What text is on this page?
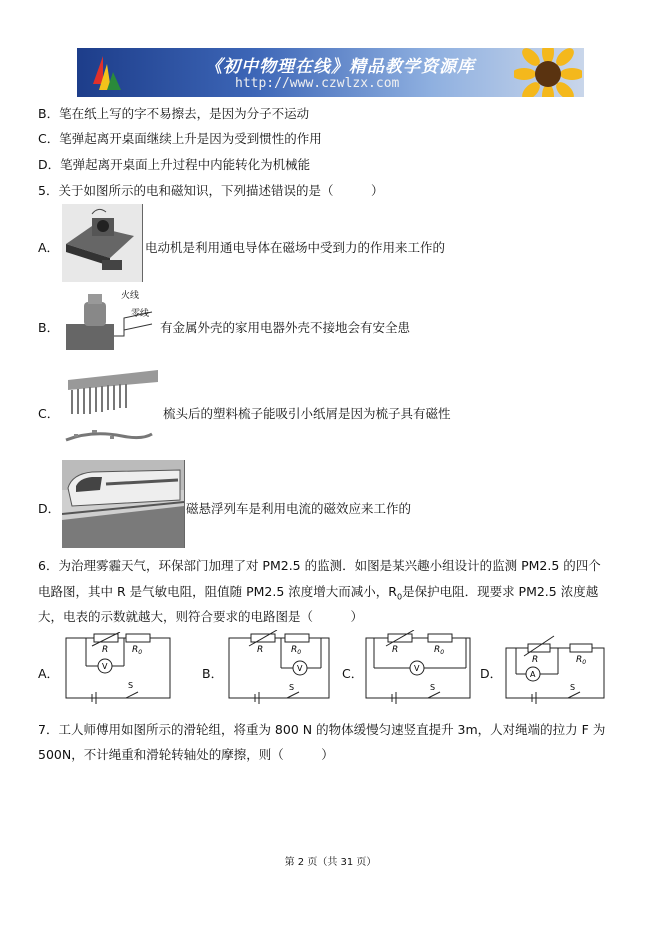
《初中物理在线》精品教学资源库
http://www.czwlzx.com
B．笔在纸上写的字不易擦去，是因为分子不运动
C．笔弹起离开桌面继续上升是因为受到惯性的作用
D．笔弹起离开桌面上升过程中内能转化为机械能
5．关于如图所示的电和磁知识，下列描述错误的是（　　　）
A．	电动机是利用通电导体在磁场中受到力的作用来工作的
B．
火线
零线
有金属外壳的家用电器外壳不接地会有安全患
C．	梳头后的塑料梳子能吸引小纸屑是因为梳子具有磁性
D．	磁悬浮列车是利用电流的磁效应来工作的
6．为治理雾霾天气，环保部门加理了对 PM2.5 的监测．如图是某兴趣小组设计的监测 PM2.5 的四个
电路图，其中 R 是气敏电阻，阻值随 PM2.5 浓度增大而减小，$R_0$是保护电阻．现要求 PM2.5 浓度越
大，电表的示数就越大，则符合要求的电路图是（　　　）
A．
R	$R_0$
V
S
B．
R	$R_0$
V
S
C．
R	$R_0$
V
S
D．
R	$R_0$
A
S
7．工人师傅用如图所示的滑轮组，将重为 800 N 的物体缓慢匀速竖直提升 3m，人对绳端的拉力 F 为
500N，不计绳重和滑轮转轴处的摩擦，则（　　　）
第 2 页（共 31 页）
